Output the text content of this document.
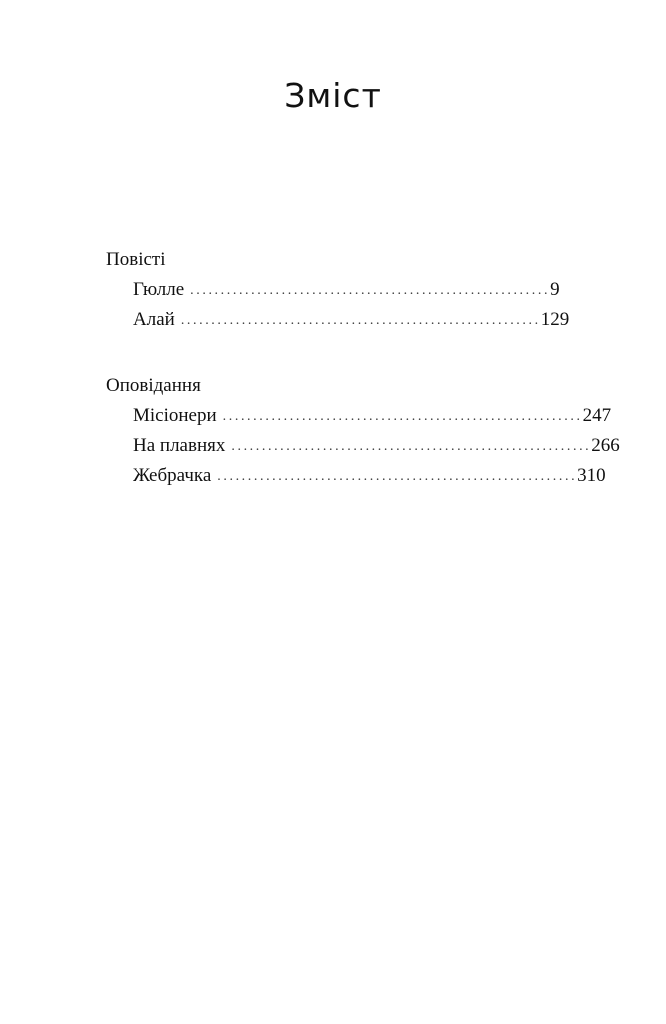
Зміст
Повісті
Гюлле ........................................................... 9
Алай ........................................................... 129
Оповідання
Місіонери ........................................................... 247
На плавнях ........................................................... 266
Жебрачка ........................................................... 310
